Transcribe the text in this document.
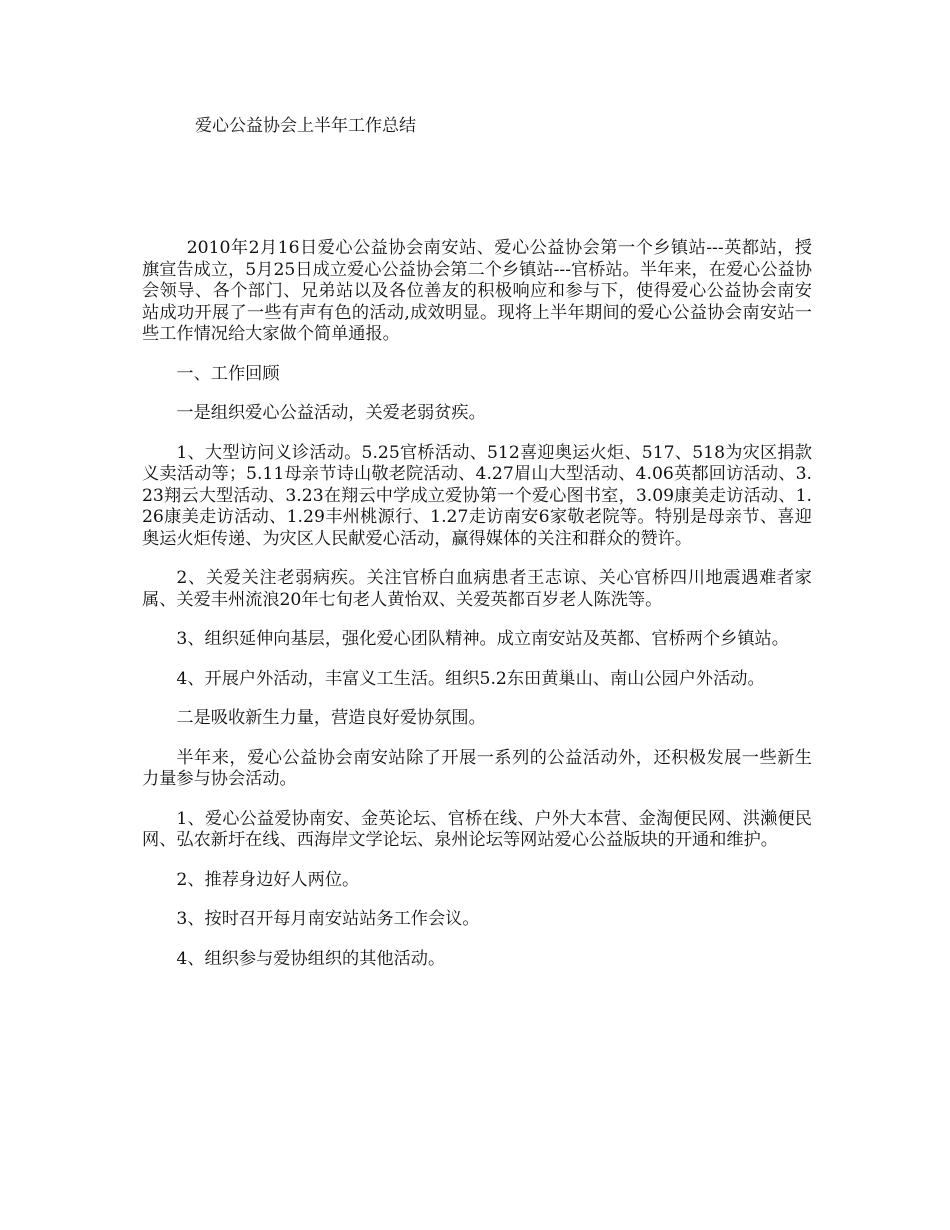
爱心公益协会上半年工作总结

2010年2月16日爱心公益协会南安站、爱心公益协会第一个乡镇站---英都站，授旗宣告成立，5月25日成立爱心公益协会第二个乡镇站---官桥站。半年来，在爱心公益协会领导、各个部门、兄弟站以及各位善友的积极响应和参与下，使得爱心公益协会南安站成功开展了一些有声有色的活动,成效明显。现将上半年期间的爱心公益协会南安站一些工作情况给大家做个简单通报。

一、工作回顾

一是组织爱心公益活动，关爱老弱贫疾。

1、大型访问义诊活动。5.25官桥活动、512喜迎奥运火炬、517、518为灾区捐款义卖活动等；5.11母亲节诗山敬老院活动、4.27眉山大型活动、4.06英都回访活动、3.23翔云大型活动、3.23在翔云中学成立爱协第一个爱心图书室，3.09康美走访活动、1.26康美走访活动、1.29丰州桃源行、1.27走访南安6家敬老院等。特别是母亲节、喜迎奥运火炬传递、为灾区人民献爱心活动，赢得媒体的关注和群众的赞许。

2、关爱关注老弱病疾。关注官桥白血病患者王志谅、关心官桥四川地震遇难者家属、关爱丰州流浪20年七旬老人黄怡双、关爱英都百岁老人陈洗等。

3、组织延伸向基层，强化爱心团队精神。成立南安站及英都、官桥两个乡镇站。

4、开展户外活动，丰富义工生活。组织5.2东田黄巢山、南山公园户外活动。

二是吸收新生力量，营造良好爱协氛围。

半年来，爱心公益协会南安站除了开展一系列的公益活动外，还积极发展一些新生力量参与协会活动。

1、爱心公益爱协南安、金英论坛、官桥在线、户外大本营、金淘便民网、洪濑便民网、弘农新圩在线、西海岸文学论坛、泉州论坛等网站爱心公益版块的开通和维护。

2、推荐身边好人两位。

3、按时召开每月南安站站务工作会议。

4、组织参与爱协组织的其他活动。
